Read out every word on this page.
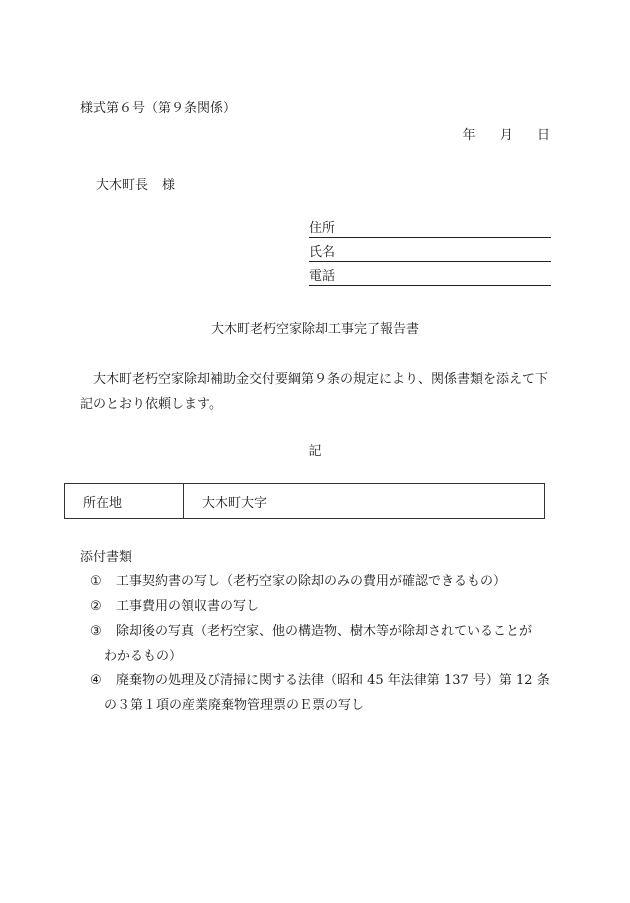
様式第６号（第９条関係）
年 月 日
大木町長 様
住所
氏名
電話
大木町老朽空家除却工事完了報告書
大木町老朽空家除却補助金交付要綱第９条の規定により、関係書類を添えて下記のとおり依頼します。
記
所在地	大木町大字
添付書類
① 工事契約書の写し（老朽空家の除却のみの費用が確認できるもの）
② 工事費用の領収書の写し
③ 除却後の写真（老朽空家、他の構造物、樹木等が除却されていることが
わかるもの）
④ 廃棄物の処理及び清掃に関する法律（昭和 45 年法律第 137 号）第 12 条
の３第１項の産業廃棄物管理票のＥ票の写し
